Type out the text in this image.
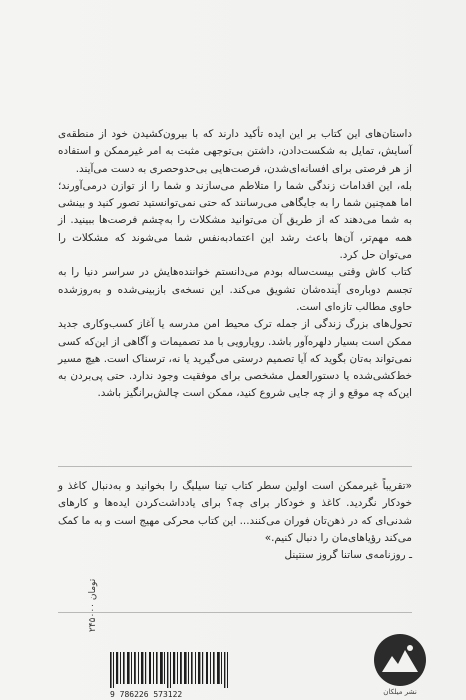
داستان‌های این کتاب بر این ایده تأکید دارند که با بیرون‌کشیدن خود از منطقه‌ی آسایش، تمایل به شکست‌دادن، داشتن بی‌توجهی مثبت به امر غیرممکن و استفاده از هر فرصتی برای افسانه‌ای‌شدن، فرصت‌هایی بی‌حدوحصری به دست می‌آیند.

بله، این اقدامات زندگی شما را متلاطم می‌سازند و شما را از توازن درمی‌آورند؛ اما همچنین شما را به جایگاهی می‌رسانند که حتی نمی‌توانستید تصور کنید و بینشی به شما می‌دهند که از طریق آن می‌توانید مشکلات را به‌چشم فرصت‌ها ببینید. از همه مهم‌تر، آن‌ها باعث رشد این اعتمادبه‌نفس شما می‌شوند که مشکلات را می‌توان حل کرد.

کتاب کاش وقتی بیست‌ساله بودم می‌دانستم خواننده‌هایش در سراسر دنیا را به تجسم دوباره‌ی آینده‌شان تشویق می‌کند. این نسخه‌ی بازبینی‌شده و به‌روزشده حاوی مطالب تازه‌ای است.

تحول‌های بزرگ زندگی از جمله ترک محیط امن مدرسه یا آغاز کسب‌وکاری جدید ممکن است بسیار دلهره‌آور باشد. رویارویی با مد تصمیمات و آگاهی از این‌که کسی نمی‌تواند به‌تان بگوید که آیا تصمیم درستی می‌گیرید یا نه، ترسناک است. هیچ مسیر خط‌کشی‌شده یا دستورالعمل مشخصی برای موفقیت وجود ندارد. حتی پی‌بردن به این‌که چه موقع و از چه جایی شروع کنید، ممکن است چالش‌برانگیز باشد.

«تقریباً غیرممکن است اولین سطر کتاب تینا سیلیگ را بخوانید و به‌دنبال کاغذ و خودکار نگردید. کاغذ و خودکار برای چه؟ برای یادداشت‌کردن ایده‌ها و کارهای شدنی‌ای که در ذهن‌تان فوران می‌کنند... این کتاب محرکی مهیج است و به ما کمک می‌کند رؤیاهای‌مان را دنبال کنیم.»

ـ روزنامه‌ی ساتنا گروز سنتینل

۲۴۵۰۰۰ تومان
9 786226 573122	نشر میلکان
